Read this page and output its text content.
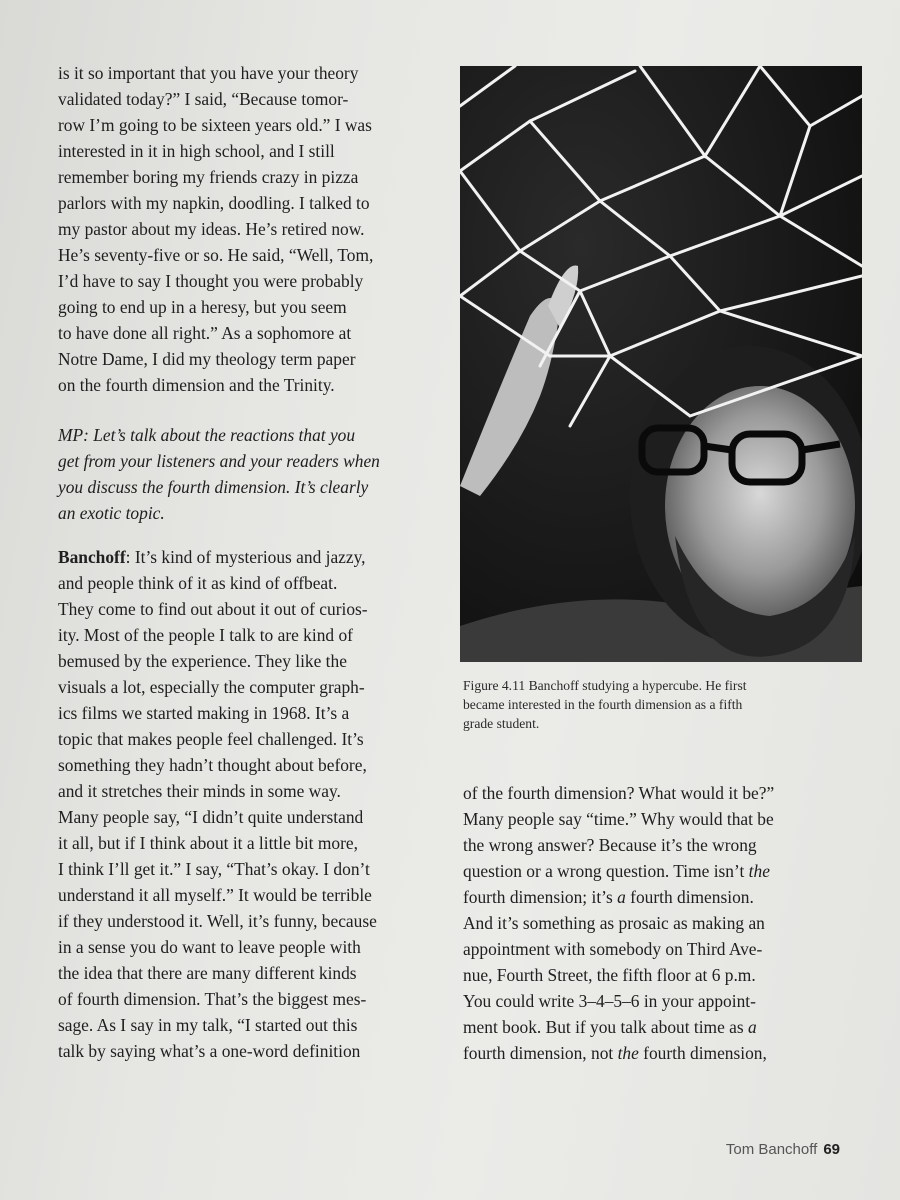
is it so important that you have your theory
validated today?” I said, “Because tomor-
row I’m going to be sixteen years old.” I was
interested in it in high school, and I still
remember boring my friends crazy in pizza
parlors with my napkin, doodling. I talked to
my pastor about my ideas. He’s retired now.
He’s seventy-five or so. He said, “Well, Tom,
I’d have to say I thought you were probably
going to end up in a heresy, but you seem
to have done all right.” As a sophomore at
Notre Dame, I did my theology term paper
on the fourth dimension and the Trinity.

MP: Let’s talk about the reactions that you
get from your listeners and your readers when
you discuss the fourth dimension. It’s clearly
an exotic topic.

Banchoff: It’s kind of mysterious and jazzy,
and people think of it as kind of offbeat.
They come to find out about it out of curios-
ity. Most of the people I talk to are kind of
bemused by the experience. They like the
visuals a lot, especially the computer graph-
ics films we started making in 1968. It’s a
topic that makes people feel challenged. It’s
something they hadn’t thought about before,
and it stretches their minds in some way.
Many people say, “I didn’t quite understand
it all, but if I think about it a little bit more,
I think I’ll get it.” I say, “That’s okay. I don’t
understand it all myself.” It would be terrible
if they understood it. Well, it’s funny, because
in a sense you do want to leave people with
the idea that there are many different kinds
of fourth dimension. That’s the biggest mes-
sage. As I say in my talk, “I started out this
talk by saying what’s a one-word definition

Figure 4.11 Banchoff studying a hypercube. He first
became interested in the fourth dimension as a fifth
grade student.

of the fourth dimension? What would it be?”
Many people say “time.” Why would that be
the wrong answer? Because it’s the wrong
question or a wrong question. Time isn’t the
fourth dimension; it’s a fourth dimension.
And it’s something as prosaic as making an
appointment with somebody on Third Ave-
nue, Fourth Street, the fifth floor at 6 p.m.
You could write 3–4–5–6 in your appoint-
ment book. But if you talk about time as a
fourth dimension, not the fourth dimension,

Tom Banchoff 69
